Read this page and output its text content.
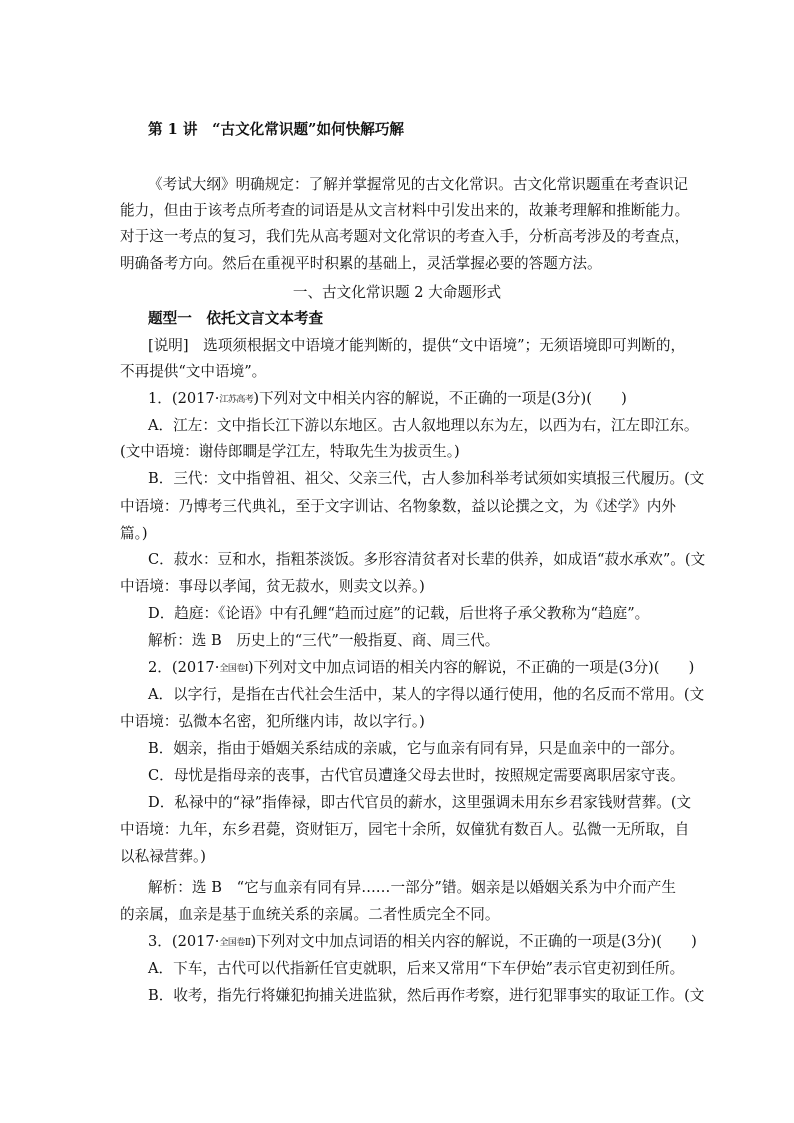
第 1 讲　“古文化常识题”如何快解巧解
《考试大纲》明确规定：了解并掌握常见的古文化常识。古文化常识题重在考查识记
能力，但由于该考点所考查的词语是从文言材料中引发出来的，故兼考理解和推断能力。
对于这一考点的复习，我们先从高考题对文化常识的考查入手，分析高考涉及的考查点，
明确备考方向。然后在重视平时积累的基础上，灵活掌握必要的答题方法。
一、古文化常识题 2 大命题形式
题型一　依托文言文本考查
[说明]　选项须根据文中语境才能判断的，提供“文中语境”；无须语境即可判断的，
不再提供“文中语境”。
1．(2017·江苏高考)下列对文中相关内容的解说，不正确的一项是(3分)(　　)
A．江左：文中指长江下游以东地区。古人叙地理以东为左，以西为右，江左即江东。
(文中语境：谢侍郎瞷是学江左，特取先生为拔贡生。)
B．三代：文中指曾祖、祖父、父亲三代，古人参加科举考试须如实填报三代履历。(文
中语境：乃博考三代典礼，至于文字训诂、名物象数，益以论撰之文，为《述学》内外
篇。)
C．菽水：豆和水，指粗茶淡饭。多形容清贫者对长辈的供养，如成语“菽水承欢”。(文
中语境：事母以孝闻，贫无菽水，则卖文以养。)
D．趋庭：《论语》中有孔鲤“趋而过庭”的记载，后世将子承父教称为“趋庭”。
解析：选 B　历史上的“三代”一般指夏、商、周三代。
2．(2017·全国卷Ⅰ)下列对文中加点词语的相关内容的解说，不正确的一项是(3分)(　　)
A．以字行，是指在古代社会生活中，某人的字得以通行使用，他的名反而不常用。(文
中语境：弘微本名密，犯所继内讳，故以字行。)
B．姻亲，指由于婚姻关系结成的亲戚，它与血亲有同有异，只是血亲中的一部分。
C．母忧是指母亲的丧事，古代官员遭逢父母去世时，按照规定需要离职居家守丧。
D．私禄中的“禄”指俸禄，即古代官员的薪水，这里强调未用东乡君家钱财营葬。(文
中语境：九年，东乡君薨，资财钜万，园宅十余所，奴僮犹有数百人。弘微一无所取，自
以私禄营葬。)
解析：选 B　“它与血亲有同有异……一部分”错。姻亲是以婚姻关系为中介而产生
的亲属，血亲是基于血统关系的亲属。二者性质完全不同。
3．(2017·全国卷Ⅱ)下列对文中加点词语的相关内容的解说，不正确的一项是(3分)(　　)
A．下车，古代可以代指新任官吏就职，后来又常用“下车伊始”表示官吏初到任所。
B．收考，指先行将嫌犯拘捕关进监狱，然后再作考察，进行犯罪事实的取证工作。(文
